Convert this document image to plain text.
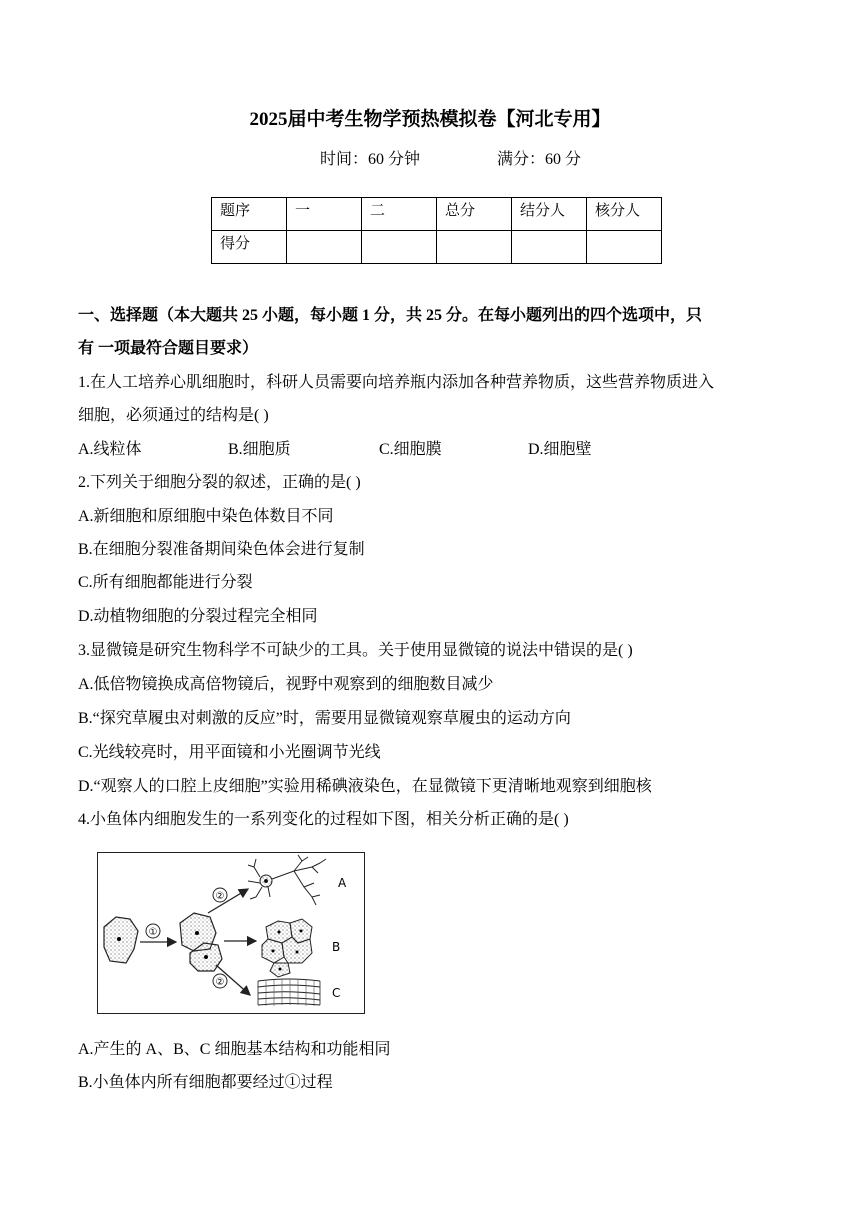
2025届中考生物学预热模拟卷【河北专用】
时间：60 分钟	满分：60 分
题序	一	二	总分	结分人	核分人
得分					
一、选择题（本大题共 25 小题，每小题 1 分，共 25 分。在每小题列出的四个选项中，只
有 一项最符合题目要求）
1.在人工培养心肌细胞时，科研人员需要向培养瓶内添加各种营养物质，这些营养物质进入
细胞，必须通过的结构是( )
A.线粒体	B.细胞质	C.细胞膜	D.细胞壁
2.下列关于细胞分裂的叙述，正确的是( )
A.新细胞和原细胞中染色体数目不同
B.在细胞分裂准备期间染色体会进行复制
C.所有细胞都能进行分裂
D.动植物细胞的分裂过程完全相同
3.显微镜是研究生物科学不可缺少的工具。关于使用显微镜的说法中错误的是( )
A.低倍物镜换成高倍物镜后，视野中观察到的细胞数目减少
B.“探究草履虫对刺激的反应”时，需要用显微镜观察草履虫的运动方向
C.光线较亮时，用平面镜和小光圈调节光线
D.“观察人的口腔上皮细胞”实验用稀碘液染色，在显微镜下更清晰地观察到细胞核
4.小鱼体内细胞发生的一系列变化的过程如下图，相关分析正确的是( )
①
②
②
A
B
C
A.产生的 A、B、C 细胞基本结构和功能相同
B.小鱼体内所有细胞都要经过①过程
